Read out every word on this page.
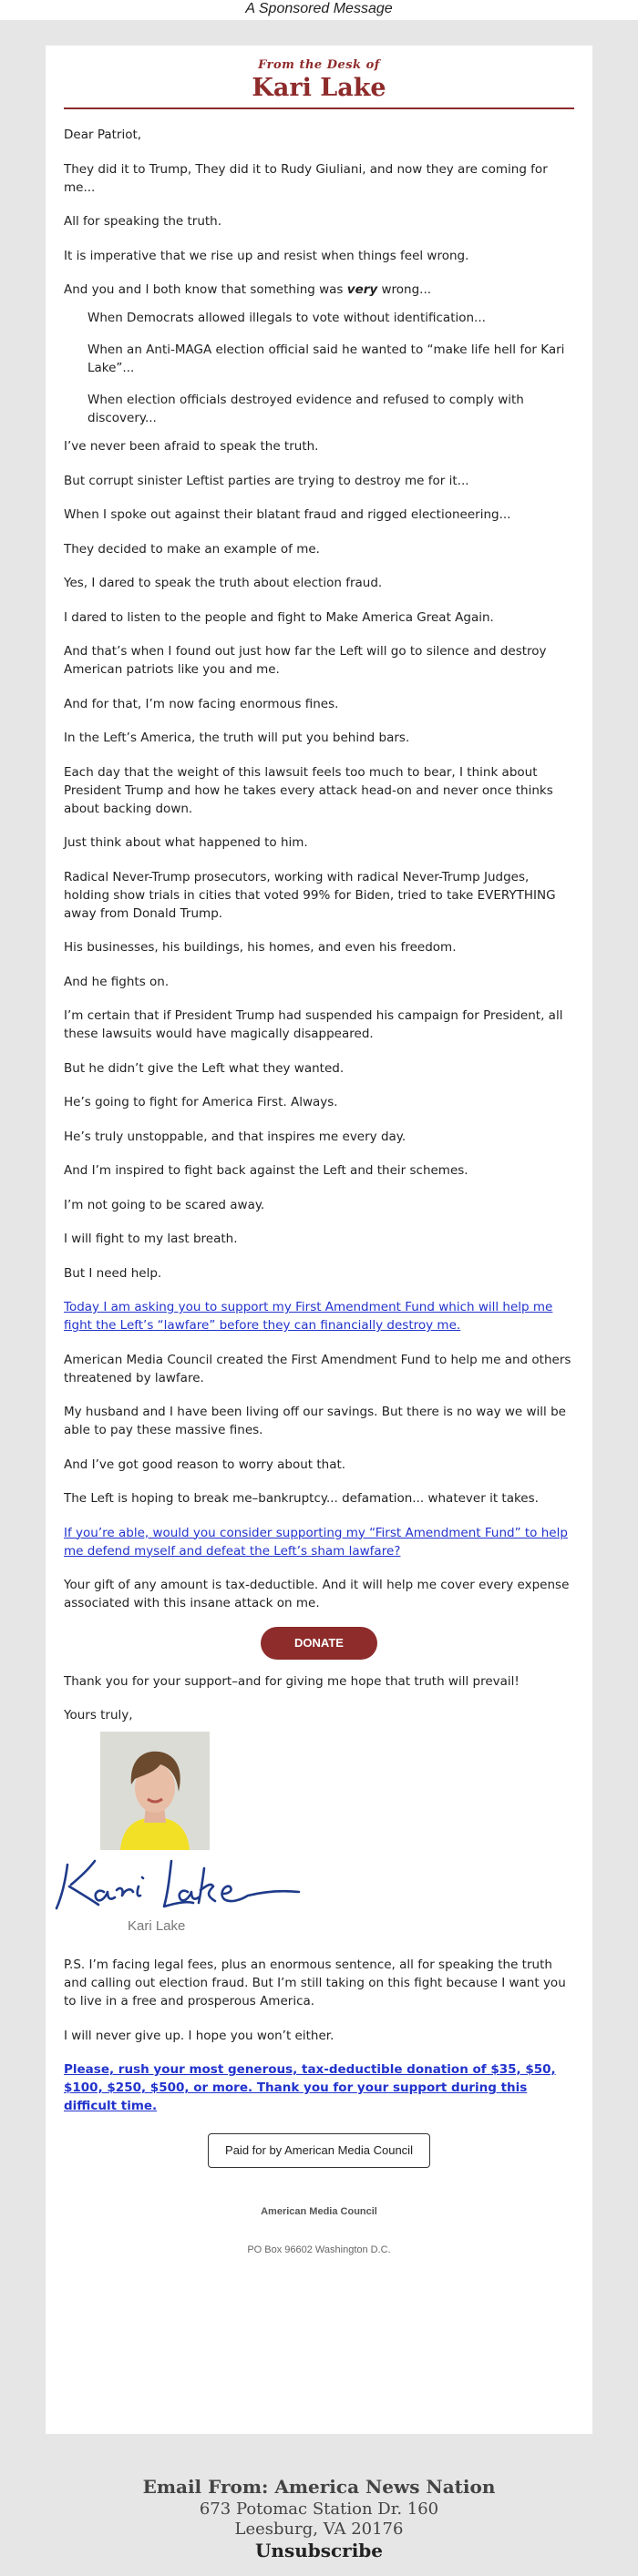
A Sponsored Message
From the Desk of
Kari Lake

Dear Patriot,

They did it to Trump, They did it to Rudy Giuliani, and now they are coming for me...

All for speaking the truth.

It is imperative that we rise up and resist when things feel wrong.

And you and I both know that something was very wrong...

When Democrats allowed illegals to vote without identification...

When an Anti-MAGA election official said he wanted to “make life hell for Kari Lake”...

When election officials destroyed evidence and refused to comply with discovery...

I’ve never been afraid to speak the truth.

But corrupt sinister Leftist parties are trying to destroy me for it...

When I spoke out against their blatant fraud and rigged electioneering...

They decided to make an example of me.

Yes, I dared to speak the truth about election fraud.

I dared to listen to the people and fight to Make America Great Again.

And that’s when I found out just how far the Left will go to silence and destroy American patriots like you and me.

And for that, I’m now facing enormous fines.

In the Left’s America, the truth will put you behind bars.

Each day that the weight of this lawsuit feels too much to bear, I think about President Trump and how he takes every attack head-on and never once thinks about backing down.

Just think about what happened to him.

Radical Never-Trump prosecutors, working with radical Never-Trump Judges, holding show trials in cities that voted 99% for Biden, tried to take EVERYTHING away from Donald Trump.

His businesses, his buildings, his homes, and even his freedom.

And he fights on.

I’m certain that if President Trump had suspended his campaign for President, all these lawsuits would have magically disappeared.

But he didn’t give the Left what they wanted.

He’s going to fight for America First. Always.

He’s truly unstoppable, and that inspires me every day.

And I’m inspired to fight back against the Left and their schemes.

I’m not going to be scared away.

I will fight to my last breath.

But I need help.

Today I am asking you to support my First Amendment Fund which will help me fight the Left’s “lawfare” before they can financially destroy me.

American Media Council created the First Amendment Fund to help me and others threatened by lawfare.

My husband and I have been living off our savings. But there is no way we will be able to pay these massive fines.

And I’ve got good reason to worry about that.

The Left is hoping to break me–bankruptcy... defamation... whatever it takes.

If you’re able, would you consider supporting my “First Amendment Fund” to help me defend myself and defeat the Left’s sham lawfare?

Your gift of any amount is tax-deductible. And it will help me cover every expense associated with this insane attack on me.

DONATE

Thank you for your support–and for giving me hope that truth will prevail!

Yours truly,

Kari Lake

P.S. I’m facing legal fees, plus an enormous sentence, all for speaking the truth and calling out election fraud. But I’m still taking on this fight because I want you to live in a free and prosperous America.

I will never give up. I hope you won’t either.

Please, rush your most generous, tax-deductible donation of $35, $50, $100, $250, $500, or more. Thank you for your support during this difficult time.

Paid for by American Media Council
American Media Council
PO Box 96602 Washington D.C.
Email From: America News Nation
673 Potomac Station Dr. 160
Leesburg, VA 20176
Unsubscribe
